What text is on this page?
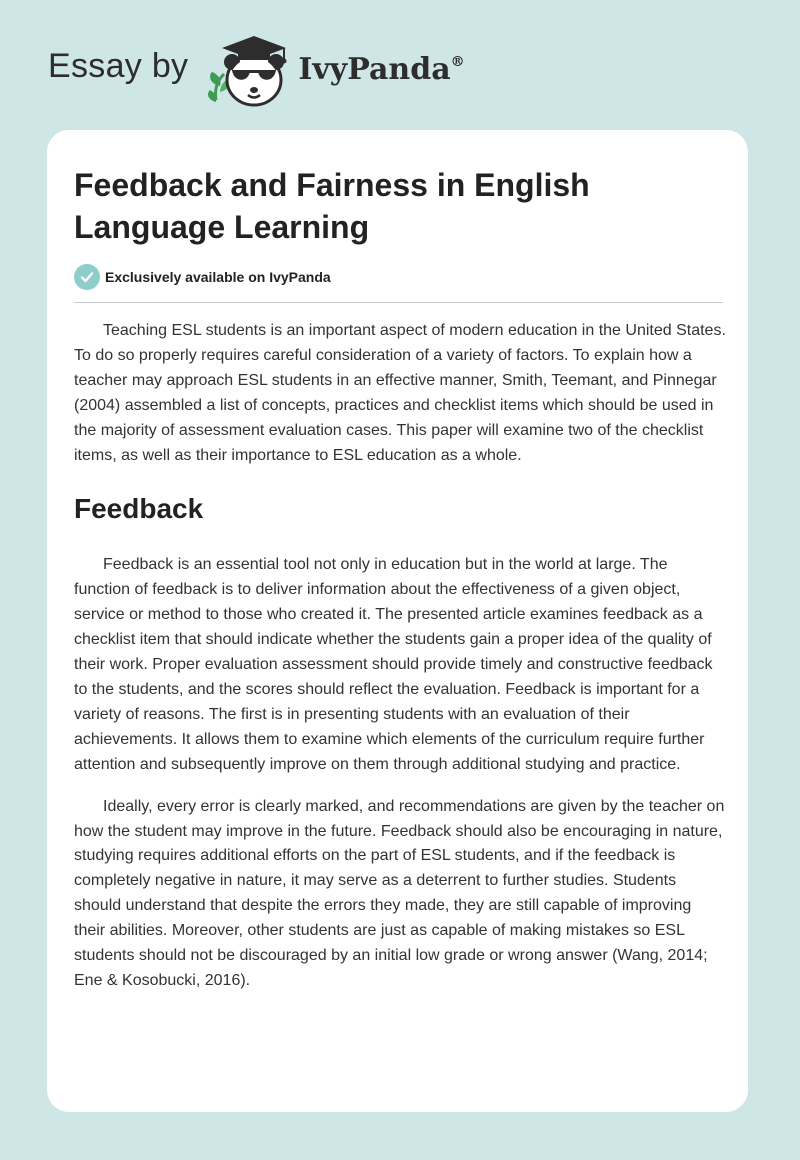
Essay by	IvyPanda®
Feedback and Fairness in English Language Learning
Exclusively available on IvyPanda

Teaching ESL students is an important aspect of modern education in the United States. To do so properly requires careful consideration of a variety of factors. To explain how a teacher may approach ESL students in an effective manner, Smith, Teemant, and Pinnegar (2004) assembled a list of concepts, practices and checklist items which should be used in the majority of assessment evaluation cases. This paper will examine two of the checklist items, as well as their importance to ESL education as a whole.

Feedback

Feedback is an essential tool not only in education but in the world at large. The function of feedback is to deliver information about the effectiveness of a given object, service or method to those who created it. The presented article examines feedback as a checklist item that should indicate whether the students gain a proper idea of the quality of their work. Proper evaluation assessment should provide timely and constructive feedback to the students, and the scores should reflect the evaluation. Feedback is important for a variety of reasons. The first is in presenting students with an evaluation of their achievements. It allows them to examine which elements of the curriculum require further attention and subsequently improve on them through additional studying and practice.

Ideally, every error is clearly marked, and recommendations are given by the teacher on how the student may improve in the future. Feedback should also be encouraging in nature, studying requires additional efforts on the part of ESL students, and if the feedback is completely negative in nature, it may serve as a deterrent to further studies. Students should understand that despite the errors they made, they are still capable of improving their abilities. Moreover, other students are just as capable of making mistakes so ESL students should not be discouraged by an initial low grade or wrong answer (Wang, 2014; Ene & Kosobucki, 2016).
